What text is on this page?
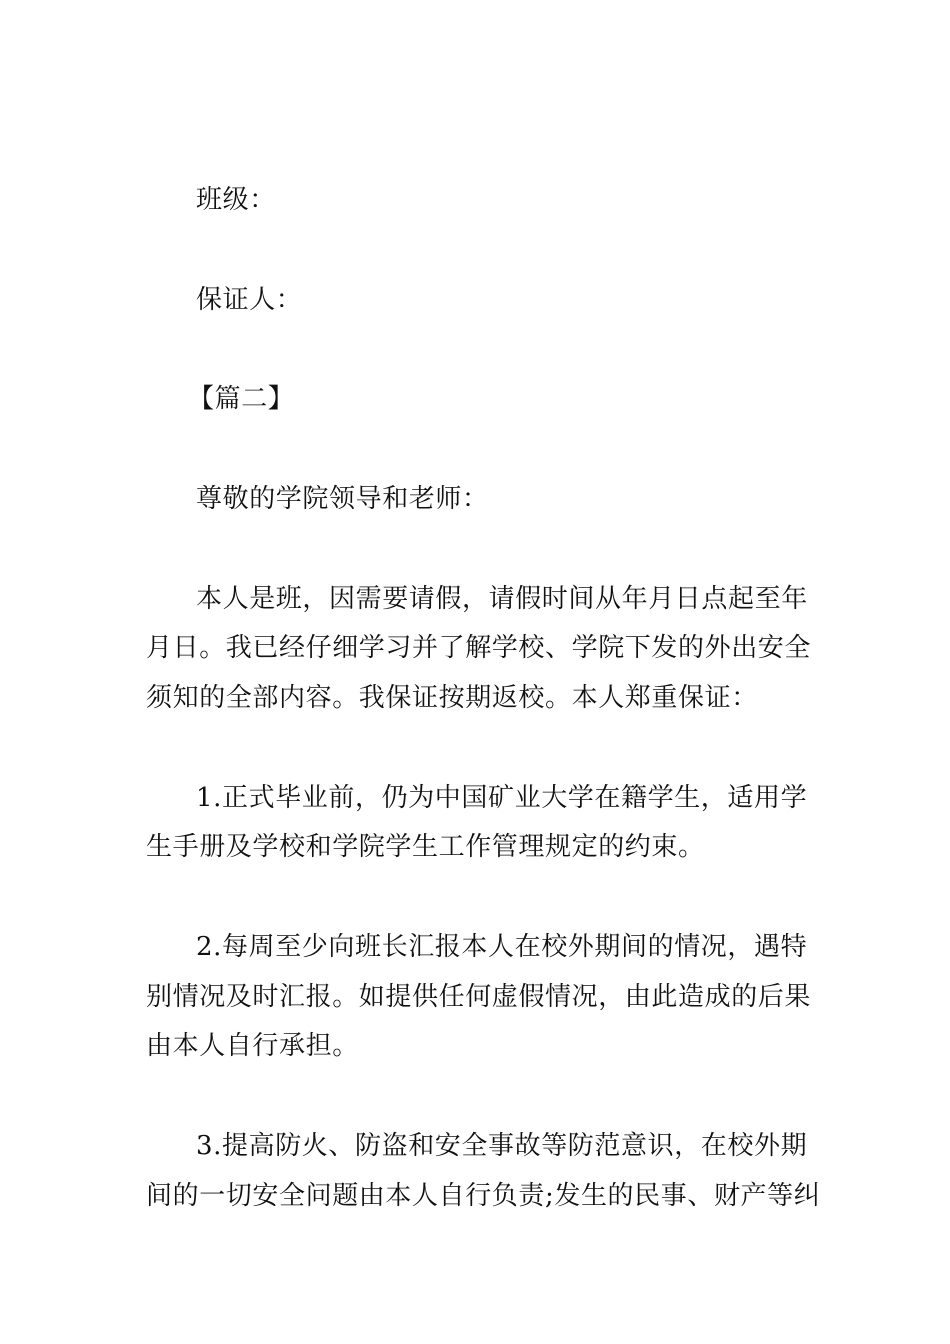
班级：
保证人：
【篇二】
尊敬的学院领导和老师：
本人是班，因需要请假，请假时间从年月日点起至年
月日。我已经仔细学习并了解学校、学院下发的外出安全
须知的全部内容。我保证按期返校。本人郑重保证：
1.正式毕业前，仍为中国矿业大学在籍学生，适用学
生手册及学校和学院学生工作管理规定的约束。
2.每周至少向班长汇报本人在校外期间的情况，遇特
别情况及时汇报。如提供任何虚假情况，由此造成的后果
由本人自行承担。
3.提高防火、防盗和安全事故等防范意识，在校外期
间的一切安全问题由本人自行负责;发生的民事、财产等纠
